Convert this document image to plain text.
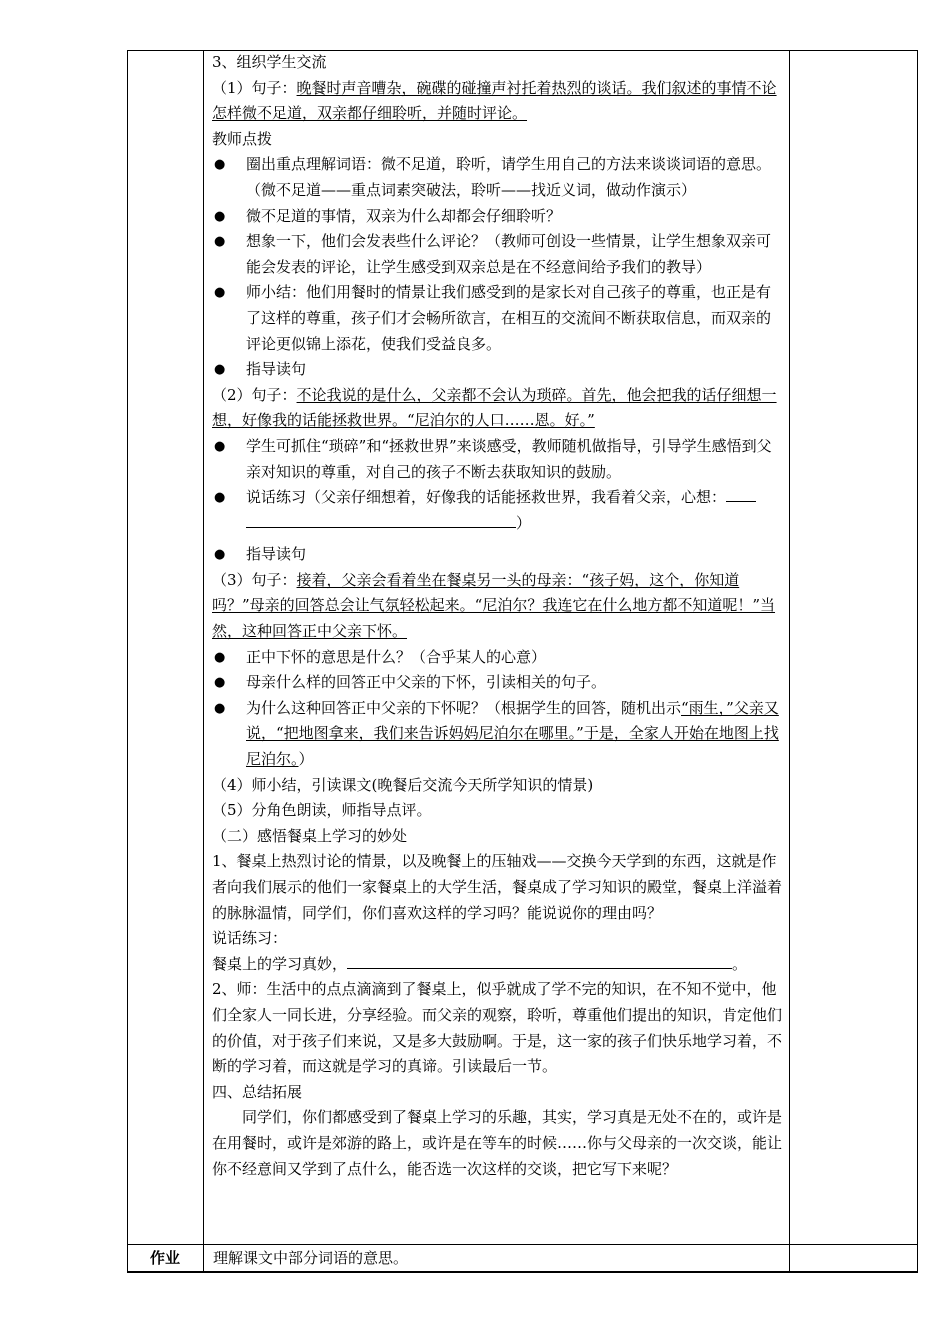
3、组织学生交流

（1）句子：晚餐时声音嘈杂，碗碟的碰撞声衬托着热烈的谈话。我们叙述的事情不论怎样微不足道，双亲都仔细聆听，并随时评论。

教师点拨

● 圈出重点理解词语：微不足道，聆听，请学生用自己的方法来谈谈词语的意思。（微不足道——重点词素突破法，聆听——找近义词，做动作演示）

● 微不足道的事情，双亲为什么却都会仔细聆听？

● 想象一下，他们会发表些什么评论？（教师可创设一些情景，让学生想象双亲可能会发表的评论，让学生感受到双亲总是在不经意间给予我们的教导）

● 师小结：他们用餐时的情景让我们感受到的是家长对自己孩子的尊重，也正是有了这样的尊重，孩子们才会畅所欲言，在相互的交流间不断获取信息，而双亲的评论更似锦上添花，使我们受益良多。

● 指导读句

（2）句子：不论我说的是什么，父亲都不会认为琐碎。首先，他会把我的话仔细想一想，好像我的话能拯救世界。“尼泊尔的人口……恩。好。”

● 学生可抓住“琐碎”和“拯救世界”来谈感受，教师随机做指导，引导学生感悟到父亲对知识的尊重，对自己的孩子不断去获取知识的鼓励。

● 说话练习（父亲仔细想着，好像我的话能拯救世界，我看着父亲，心想：
）

● 指导读句

（3）句子：接着，父亲会看着坐在餐桌另一头的母亲：“孩子妈，这个，你知道吗？”母亲的回答总会让气氛轻松起来。“尼泊尔？我连它在什么地方都不知道呢！”当然，这种回答正中父亲下怀。

● 正中下怀的意思是什么？（合乎某人的心意）

● 母亲什么样的回答正中父亲的下怀，引读相关的句子。

● 为什么这种回答正中父亲的下怀呢？（根据学生的回答，随机出示“雨生，”父亲又说，“把地图拿来，我们来告诉妈妈尼泊尔在哪里。”于是，全家人开始在地图上找尼泊尔。）

（4）师小结，引读课文(晚餐后交流今天所学知识的情景)

（5）分角色朗读，师指导点评。

（二）感悟餐桌上学习的妙处

1、餐桌上热烈讨论的情景，以及晚餐上的压轴戏——交换今天学到的东西，这就是作者向我们展示的他们一家餐桌上的大学生活，餐桌成了学习知识的殿堂，餐桌上洋溢着的脉脉温情，同学们，你们喜欢这样的学习吗？能说说你的理由吗？

说话练习：

餐桌上的学习真妙，	。

2、师：生活中的点点滴滴到了餐桌上，似乎就成了学不完的知识，在不知不觉中，他们全家人一同长进，分享经验。而父亲的观察，聆听，尊重他们提出的知识，肯定他们的价值，对于孩子们来说，又是多大鼓励啊。于是，这一家的孩子们快乐地学习着，不断的学习着，而这就是学习的真谛。引读最后一节。

四、总结拓展

同学们，你们都感受到了餐桌上学习的乐趣，其实，学习真是无处不在的，或许是在用餐时，或许是郊游的路上，或许是在等车的时候……你与父母亲的一次交谈，能让你不经意间又学到了点什么，能否选一次这样的交谈，把它写下来呢？

作业	理解课文中部分词语的意思。
